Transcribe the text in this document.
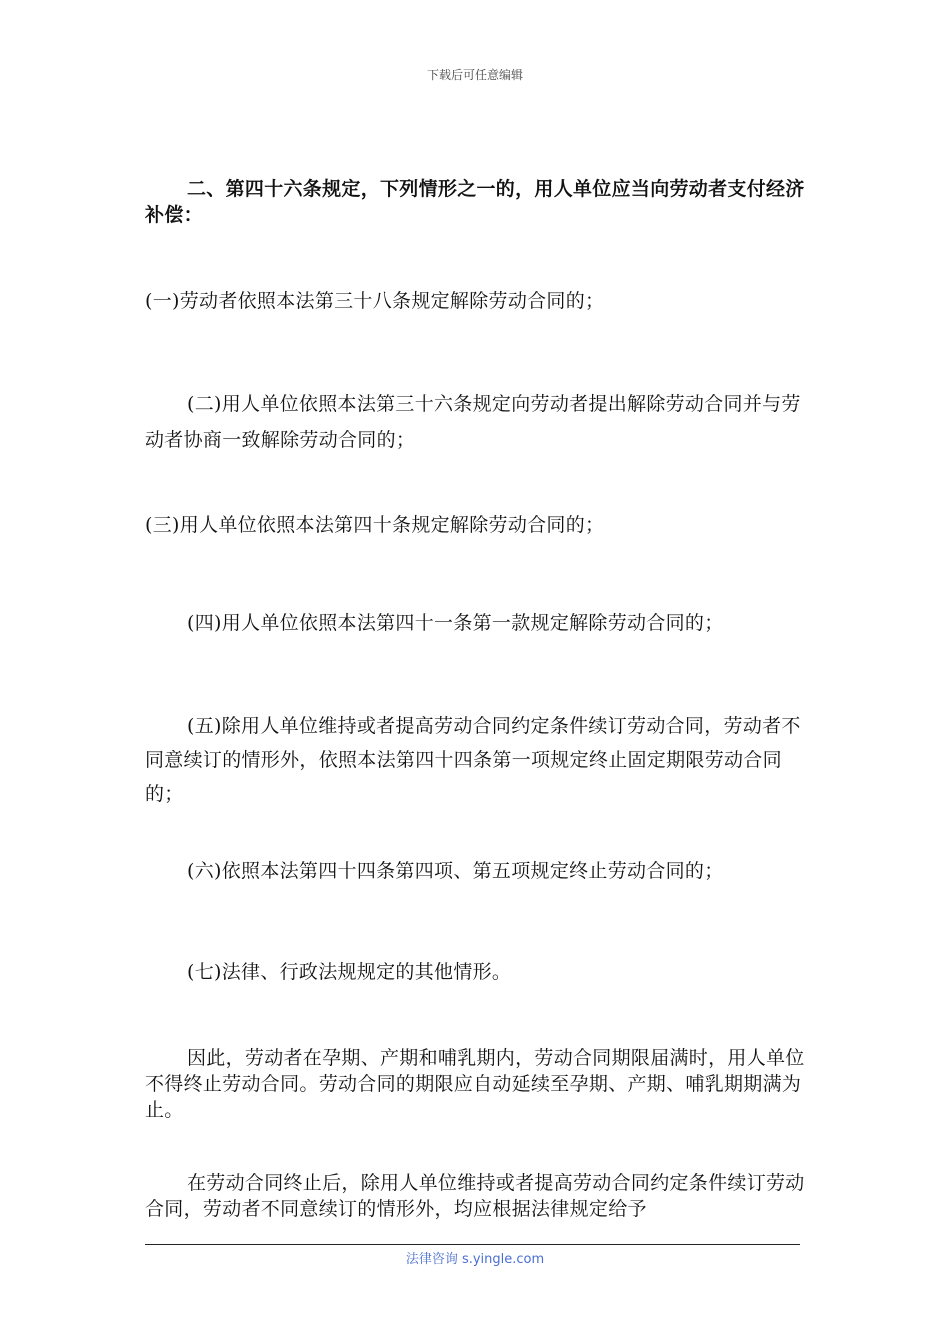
下载后可任意编辑
二、第四十六条规定，下列情形之一的，用人单位应当向劳动者支付经济补偿：
(一)劳动者依照本法第三十八条规定解除劳动合同的；
(二)用人单位依照本法第三十六条规定向劳动者提出解除劳动合同并与劳动者协商一致解除劳动合同的；
(三)用人单位依照本法第四十条规定解除劳动合同的；
(四)用人单位依照本法第四十一条第一款规定解除劳动合同的；
(五)除用人单位维持或者提高劳动合同约定条件续订劳动合同，劳动者不同意续订的情形外，依照本法第四十四条第一项规定终止固定期限劳动合同的；
(六)依照本法第四十四条第四项、第五项规定终止劳动合同的；
(七)法律、行政法规规定的其他情形。
因此，劳动者在孕期、产期和哺乳期内，劳动合同期限届满时，用人单位不得终止劳动合同。劳动合同的期限应自动延续至孕期、产期、哺乳期期满为止。
在劳动合同终止后，除用人单位维持或者提高劳动合同约定条件续订劳动合同，劳动者不同意续订的情形外，均应根据法律规定给予
法律咨询 s.yingle.com
